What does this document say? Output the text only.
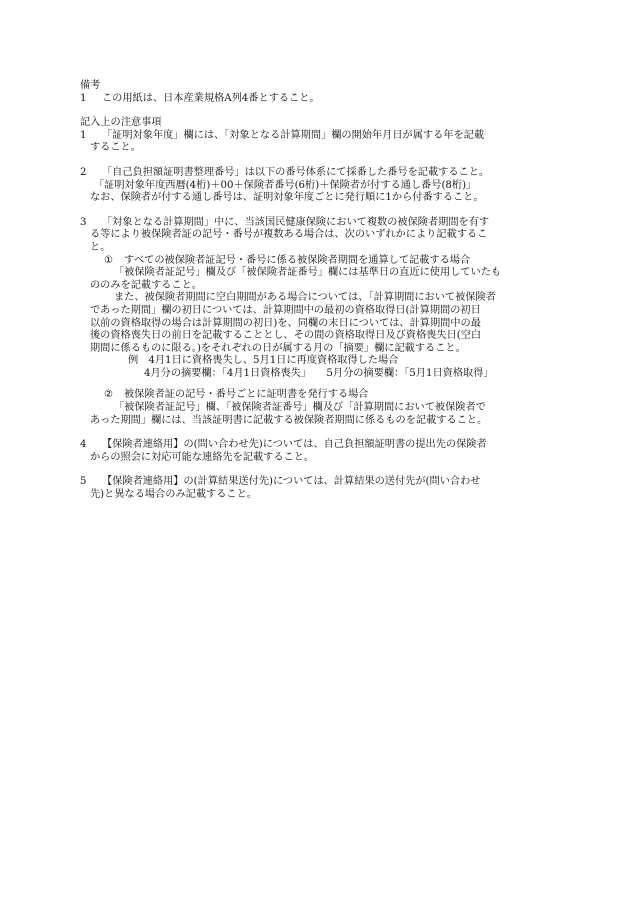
備考
1 この用紙は、日本産業規格A列4番とすること。
記入上の注意事項
1 「証明対象年度」欄には、「対象となる計算期間」欄の開始年月日が属する年を記載
すること。
2 「自己負担額証明書整理番号」は以下の番号体系にて採番した番号を記載すること。
「証明対象年度西暦(4桁)＋00＋保険者番号(6桁)＋保険者が付する通し番号(8桁)」
なお、保険者が付する通し番号は、証明対象年度ごとに発行順に1から付番すること。
3 「対象となる計算期間」中に、当該国民健康保険において複数の被保険者期間を有す
る等により被保険者証の記号・番号が複数ある場合は、次のいずれかにより記載するこ
と。
① すべての被保険者証記号・番号に係る被保険者期間を通算して記載する場合
「被保険者証記号」欄及び「被保険者証番号」欄には基準日の直近に使用していたも
ののみを記載すること。
また、被保険者期間に空白期間がある場合については、「計算期間において被保険者
であった期間」欄の初日については、計算期間中の最初の資格取得日(計算期間の初日
以前の資格取得の場合は計算期間の初日)を、同欄の末日については、計算期間中の最
後の資格喪失日の前日を記載することとし、その間の資格取得日及び資格喪失日(空白
期間に係るものに限る。)をそれぞれの日が属する月の「摘要」欄に記載すること。
例　4月1日に資格喪失し、5月1日に再度資格取得した場合
4月分の摘要欄：「4月1日資格喪失」　　5月分の摘要欄：「5月1日資格取得」
② 被保険者証の記号・番号ごとに証明書を発行する場合
「被保険者証記号」欄、「被保険者証番号」欄及び「計算期間において被保険者で
あった期間」欄には、当該証明書に記載する被保険者期間に係るものを記載すること。
4 【保険者連絡用】の(問い合わせ先)については、自己負担額証明書の提出先の保険者
からの照会に対応可能な連絡先を記載すること。
5 【保険者連絡用】の(計算結果送付先)については、計算結果の送付先が(問い合わせ
先)と異なる場合のみ記載すること。
